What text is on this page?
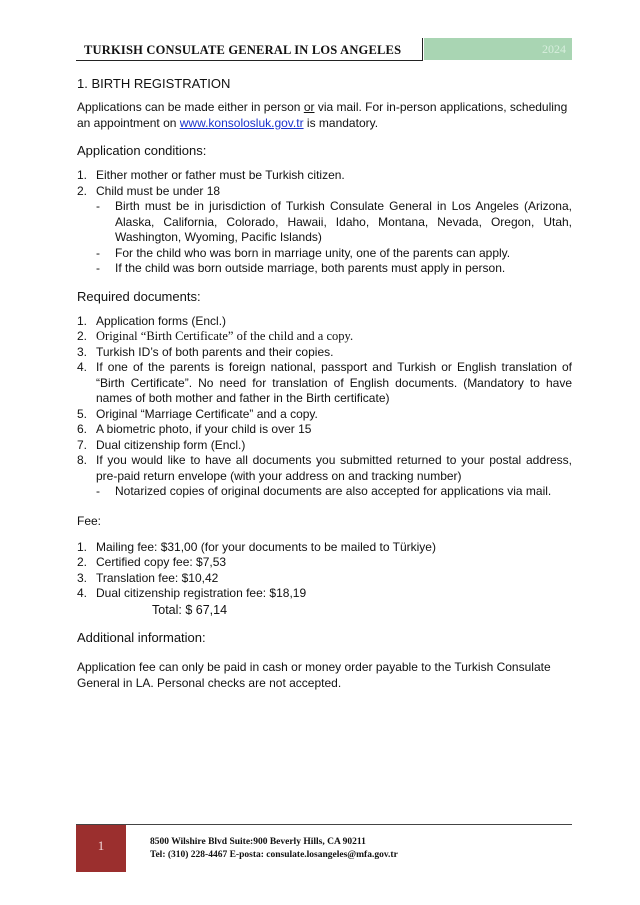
TURKISH CONSULATE GENERAL IN LOS ANGELES	2024
1. BIRTH REGISTRATION

Applications can be made either in person or via mail. For in-person applications, scheduling an appointment on www.konsolosluk.gov.tr is mandatory.

Application conditions:
1. Either mother or father must be Turkish citizen.
2. Child must be under 18
- Birth must be in jurisdiction of Turkish Consulate General in Los Angeles (Arizona, Alaska, California, Colorado, Hawaii, Idaho, Montana, Nevada, Oregon, Utah, Washington, Wyoming, Pacific Islands)
- For the child who was born in marriage unity, one of the parents can apply.
- If the child was born outside marriage, both parents must apply in person.
Required documents:
1. Application forms (Encl.)
2. Original “Birth Certificate” of the child and a copy.
3. Turkish ID’s of both parents and their copies.
4. If one of the parents is foreign national, passport and Turkish or English translation of “Birth Certificate”. No need for translation of English documents. (Mandatory to have names of both mother and father in the Birth certificate)
5. Original “Marriage Certificate” and a copy.
6. A biometric photo, if your child is over 15
7. Dual citizenship form (Encl.)
8. If you would like to have all documents you submitted returned to your postal address, pre-paid return envelope (with your address on and tracking number)
- Notarized copies of original documents are also accepted for applications via mail.
Fee:
1. Mailing fee: $31,00 (for your documents to be mailed to Türkiye)
2. Certified copy fee: $7,53
3. Translation fee: $10,42
4. Dual citizenship registration fee: $18,19
Total: $ 67,14
Additional information:

Application fee can only be paid in cash or money order payable to the Turkish Consulate General in LA. Personal checks are not accepted.

1	8500 Wilshire Blvd Suite:900 Beverly Hills, CA 90211
Tel: (310) 228-4467 E-posta: consulate.losangeles@mfa.gov.tr
